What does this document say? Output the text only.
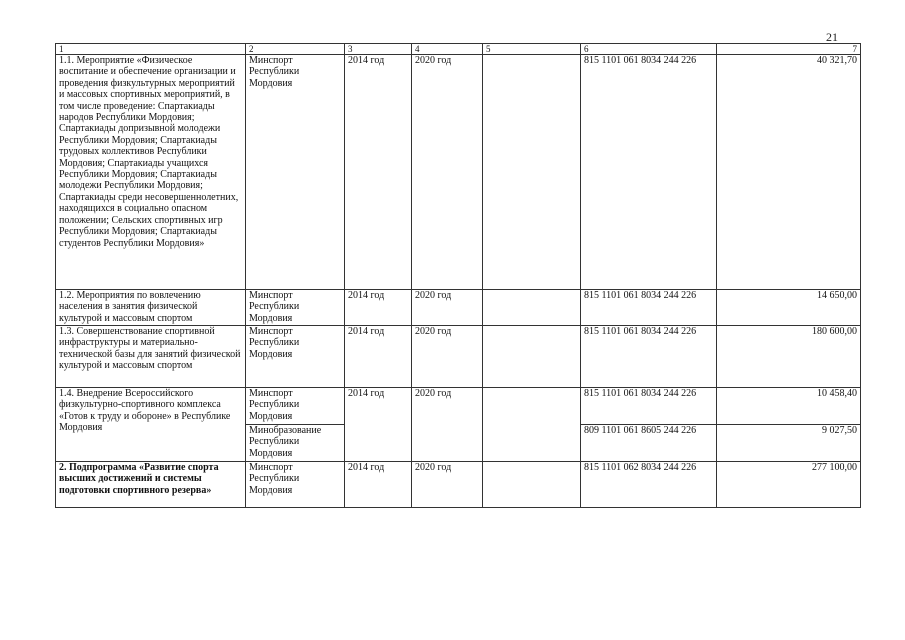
21
1	2	3	4	5	6	7
1.1. Мероприятие «Физическое воспитание и обеспечение организации и проведения физкультурных мероприятий и массовых спортивных мероприятий, в том числе проведение: Спартакиады народов Республики Мордовия; Спартакиады допризывной молодежи Республики Мордовия; Спартакиады трудовых коллективов Республики Мордовия; Спартакиады учащихся Республики Мордовия; Спартакиады молодежи Республики Мордовия; Спартакиады среди несовершеннолетних, находящихся в социально опасном положении; Сельских спортивных игр Республики Мордовия; Спартакиады студентов Республики Мордовия»	Минспорт Республики Мордовия	2014 год	2020 год		815 1101 061 8034 244 226	40 321,70
1.2. Мероприятия по вовлечению населения в занятия физической культурой и массовым спортом	Минспорт Республики Мордовия	2014 год	2020 год		815 1101 061 8034 244 226	14 650,00
1.3. Совершенствование спортивной инфраструктуры и материально-технической базы для занятий физической культурой и массовым спортом	Минспорт Республики Мордовия	2014 год	2020 год		815 1101 061 8034 244 226	180 600,00
1.4. Внедрение Всероссийского физкультурно-спортивного комплекса «Готов к труду и обороне» в Республике Мордовия	Минспорт Республики Мордовия	2014 год	2020 год		815 1101 061 8034 244 226	10 458,40
	Минобразование Республики Мордовия				809 1101 061 8605 244 226	9 027,50
2. Подпрограмма «Развитие спорта высших достижений и системы подготовки спортивного резерва»	Минспорт Республики Мордовия	2014 год	2020 год		815 1101 062 8034 244 226	277 100,00
